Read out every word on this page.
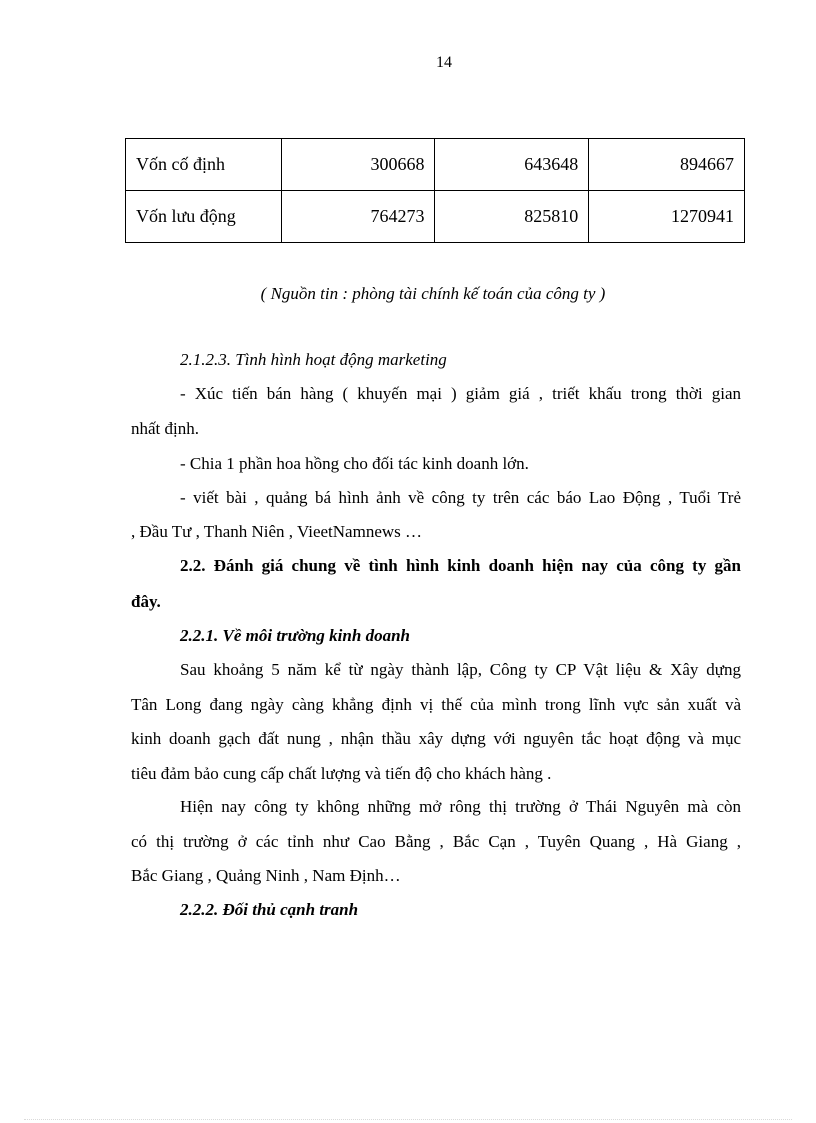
14
Vốn cố định	300668	643648	894667
Vốn lưu động	764273	825810	1270941
( Nguồn tin : phòng tài chính kế toán của công ty )
2.1.2.3. Tình hình hoạt động marketing
- Xúc tiến bán hàng ( khuyến mại ) giảm giá , triết khấu trong thời gian
nhất định.
- Chia 1 phần hoa hồng cho đối tác kinh doanh lớn.
- viết bài , quảng bá hình ảnh về công ty trên các báo Lao Động , Tuổi Trẻ
, Đầu Tư , Thanh Niên , VieetNamnews …
2.2. Đánh giá chung về tình hình kinh doanh hiện nay của công ty gần
đây.
2.2.1. Về môi trường kinh doanh
Sau khoảng 5 năm kể từ ngày thành lập, Công ty CP Vật liệu & Xây dựng
Tân Long đang ngày càng khẳng định vị thế của mình trong lĩnh vực sản xuất và
kinh doanh gạch đất nung , nhận thầu xây dựng với nguyên tắc hoạt động và mục
tiêu đảm bảo cung cấp chất lượng và tiến độ cho khách hàng .
Hiện nay công ty không những mở rông thị trường ở Thái Nguyên mà còn
có thị trường ở các tỉnh như Cao Bằng , Bắc Cạn , Tuyên Quang , Hà Giang ,
Bắc Giang , Quảng Ninh , Nam Định…
2.2.2. Đối thủ cạnh tranh
